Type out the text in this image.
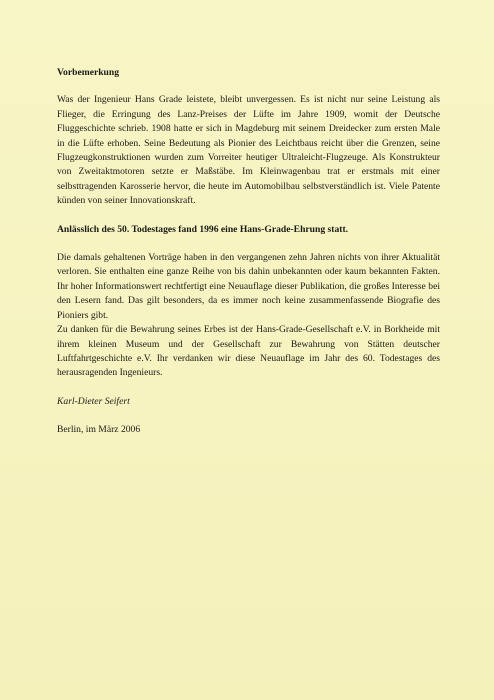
Vorbemerkung
Was der Ingenieur Hans Grade leistete, bleibt unvergessen. Es ist nicht nur seine Leistung als Flieger, die Erringung des Lanz-Preises der Lüfte im Jahre 1909, womit der Deutsche Fluggeschichte schrieb. 1908 hatte er sich in Magdeburg mit seinem Dreidecker zum ersten Male in die Lüfte erhoben. Seine Bedeutung als Pionier des Leichtbaus reicht über die Grenzen, seine Flugzeugkonstruktionen wurden zum Vorreiter heutiger Ultraleicht-Flugzeuge. Als Konstrukteur von Zweitaktmotoren setzte er Maßstäbe. Im Kleinwagenbau trat er erstmals mit einer selbsttragenden Karosserie hervor, die heute im Automobilbau selbstverständlich ist. Viele Patente künden von seiner Innovationskraft.
Anlässlich des 50. Todestages fand 1996 eine Hans-Grade-Ehrung statt.
Die damals gehaltenen Vorträge haben in den vergangenen zehn Jahren nichts von ihrer Aktualität verloren. Sie enthalten eine ganze Reihe von bis dahin unbekannten oder kaum bekannten Fakten. Ihr hoher Informationswert rechtfertigt eine Neuauflage dieser Publikation, die großes Interesse bei den Lesern fand. Das gilt besonders, da es immer noch keine zusammenfassende Biografie des Pioniers gibt.
Zu danken für die Bewahrung seines Erbes ist der Hans-Grade-Gesellschaft e.V. in Borkheide mit ihrem kleinen Museum und der Gesellschaft zur Bewahrung von Stätten deutscher Luftfahrtgeschichte e.V. Ihr verdanken wir diese Neuauflage im Jahr des 60. Todestages des herausragenden Ingenieurs.
Karl-Dieter Seifert
Berlin, im März 2006
